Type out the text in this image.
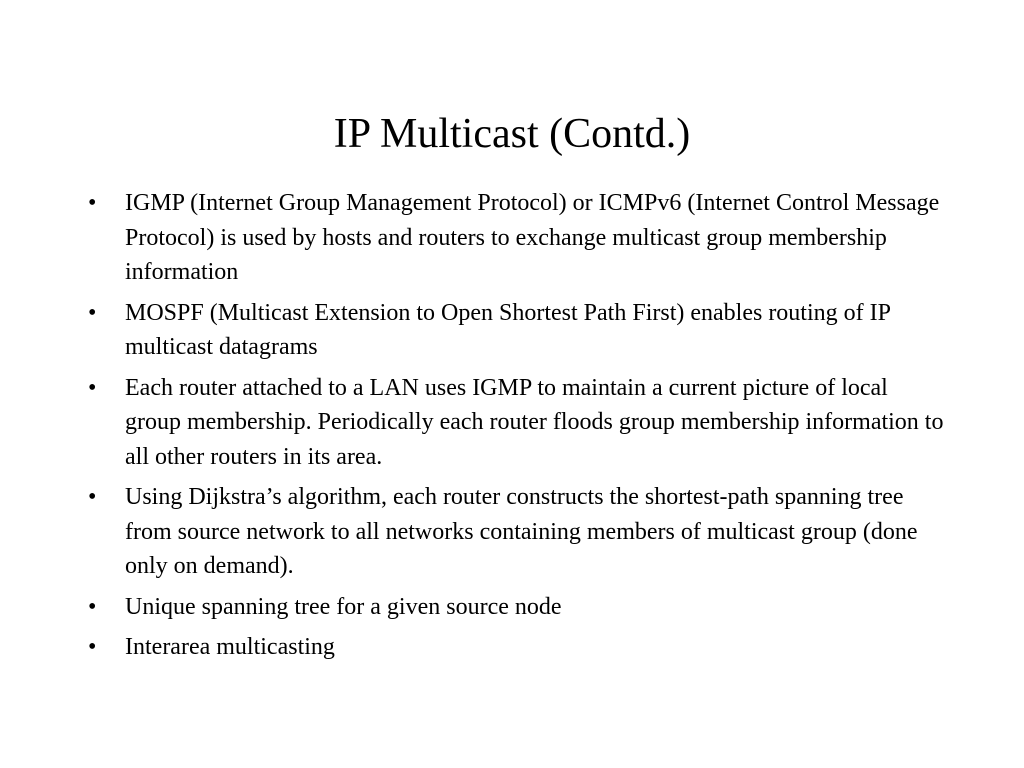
IP Multicast (Contd.)
•	IGMP (Internet Group Management Protocol) or ICMPv6 (Internet Control Message Protocol) is used by hosts and routers to exchange multicast group membership information
•	MOSPF (Multicast Extension to Open Shortest Path First) enables routing of IP multicast datagrams
•	Each router attached to a LAN uses IGMP to maintain a current picture of local group membership. Periodically each router floods group membership information to all other routers in its area.
•	Using Dijkstra’s algorithm, each router constructs the shortest-path spanning tree from source network to all networks containing members of multicast group (done only on demand).
•	Unique spanning tree for a given source node
•	Interarea multicasting
